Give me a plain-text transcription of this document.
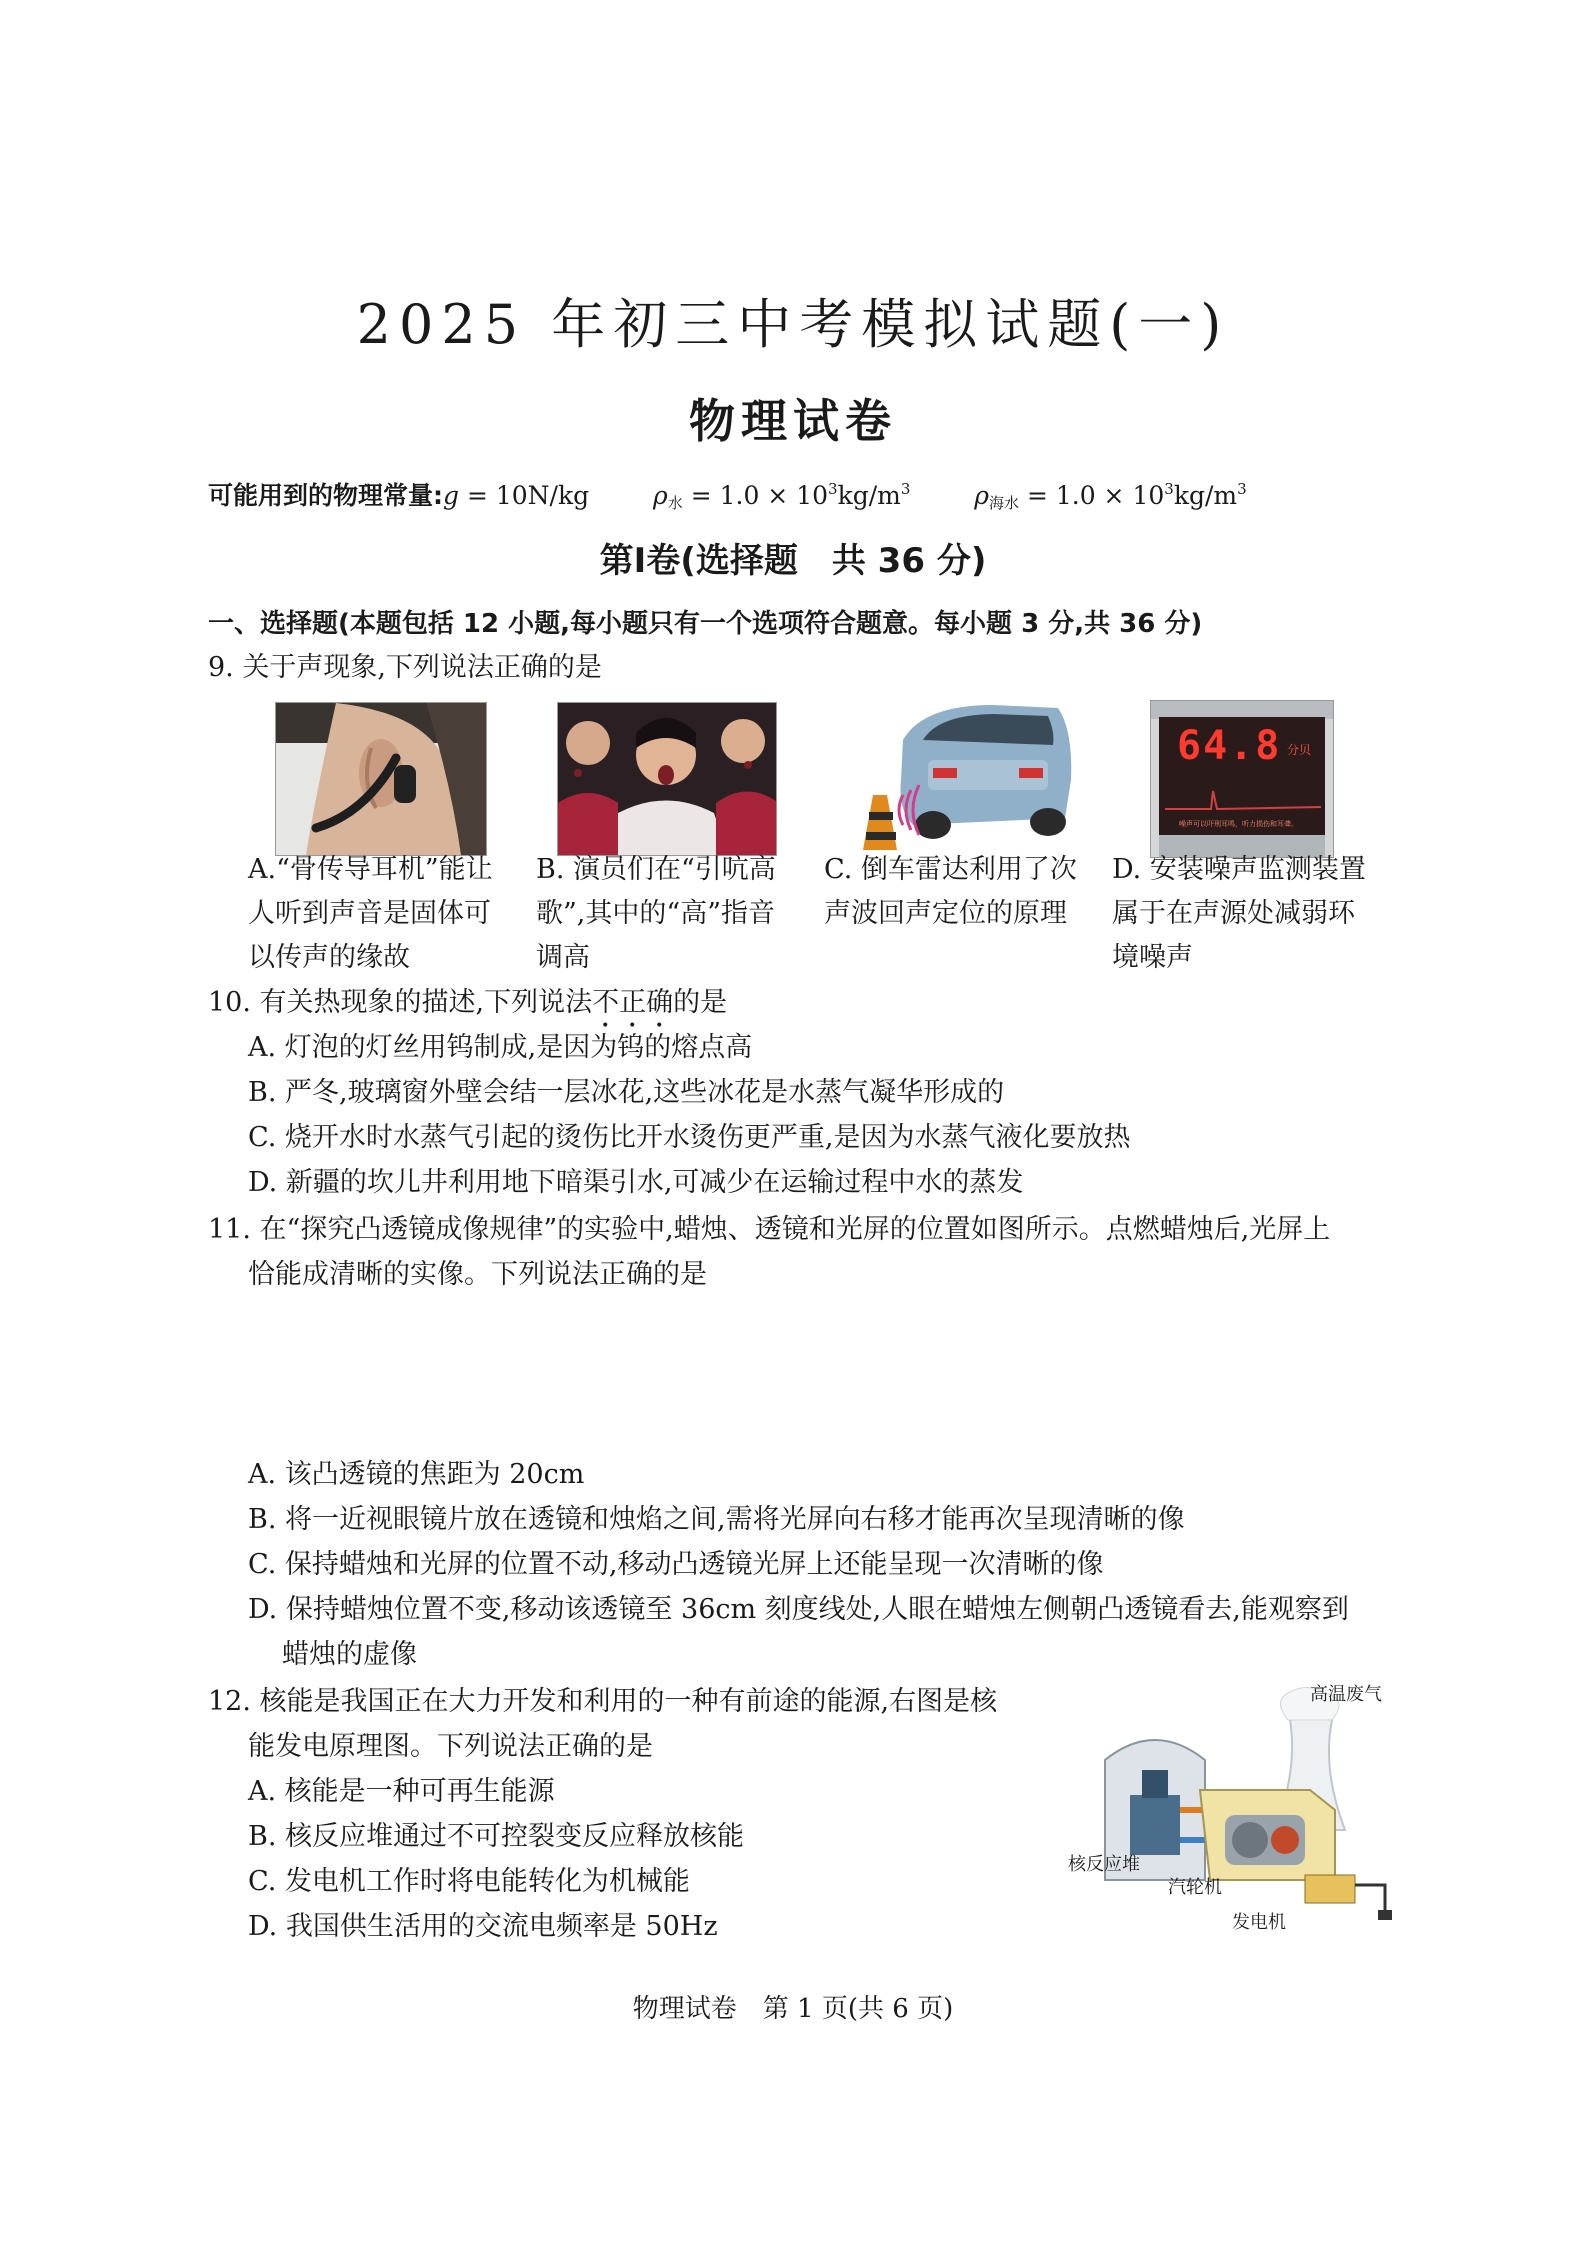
2025 年初三中考模拟试题(一)
物理试卷
可能用到的物理常量:g = 10N/kg	$\rho_水 = 1.0 \times 10^3kg/m^3$	$\rho_{海水} = 1.0 \times 10^3kg/m^3$
第Ⅰ卷(选择题　共 36 分)
一、选择题(本题包括 12 小题,每小题只有一个选项符合题意。每小题 3 分,共 36 分)
9. 关于声现象,下列说法正确的是
64.8 分贝
噪声可以吓刑耳鸣，听力损伤和耳聋。
A.“骨传导耳机”能让人听到声音是固体可以传声的缘故
B. 演员们在“引吭高歌”,其中的“高”指音调高
C. 倒车雷达利用了次声波回声定位的原理
D. 安装噪声监测装置属于在声源处减弱环境噪声
10. 有关热现象的描述,下列说法不正确的是
A. 灯泡的灯丝用钨制成,是因为钨的熔点高
B. 严冬,玻璃窗外壁会结一层冰花,这些冰花是水蒸气凝华形成的
C. 烧开水时水蒸气引起的烫伤比开水烫伤更严重,是因为水蒸气液化要放热
D. 新疆的坎儿井利用地下暗渠引水,可减少在运输过程中水的蒸发
11. 在“探究凸透镜成像规律”的实验中,蜡烛、透镜和光屏的位置如图所示。点燃蜡烛后,光屏上
恰能成清晰的实像。下列说法正确的是
A. 该凸透镜的焦距为 20cm
B. 将一近视眼镜片放在透镜和烛焰之间,需将光屏向右移才能再次呈现清晰的像
C. 保持蜡烛和光屏的位置不动,移动凸透镜光屏上还能呈现一次清晰的像
D. 保持蜡烛位置不变,移动该透镜至 36cm 刻度线处,人眼在蜡烛左侧朝凸透镜看去,能观察到
蜡烛的虚像
12. 核能是我国正在大力开发和利用的一种有前途的能源,右图是核
能发电原理图。下列说法正确的是
A. 核能是一种可再生能源
B. 核反应堆通过不可控裂变反应释放核能
C. 发电机工作时将电能转化为机械能
D. 我国供生活用的交流电频率是 50Hz
高温废气
核反应堆
汽轮机
发电机
物理试卷　第 1 页(共 6 页)
